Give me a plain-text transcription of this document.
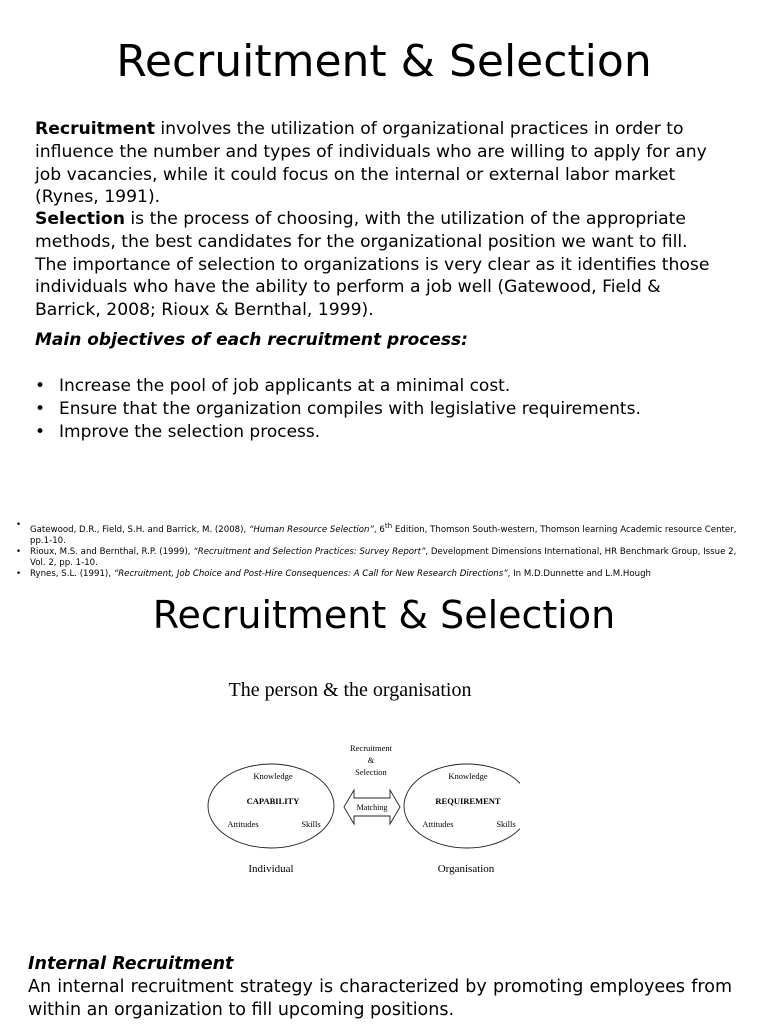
Recruitment & Selection
Recruitment involves the utilization of organizational practices in order to influence the number and types of individuals who are willing to apply for any job vacancies, while it could focus on the internal or external labor market (Rynes, 1991).
Selection is the process of choosing, with the utilization of the appropriate methods, the best candidates for the organizational position we want to fill. The importance of selection to organizations is very clear as it identifies those individuals who have the ability to perform a job well (Gatewood, Field & Barrick, 2008; Rioux & Bernthal, 1999).
Main objectives of each recruitment process:
• Increase the pool of job applicants at a minimal cost.
• Ensure that the organization compiles with legislative requirements.
• Improve the selection process.
• Gatewood, D.R., Field, S.H. and Barrick, M. (2008), “Human Resource Selection”, 6th Edition, Thomson South-western, Thomson learning Academic resource Center, pp.1-10.
• Rioux, M.S. and Bernthal, R.P. (1999), “Recruitment and Selection Practices: Survey Report”, Development Dimensions International, HR Benchmark Group, Issue 2, Vol. 2, pp. 1-10.
• Rynes, S.L. (1991), “Recruitment, Job Choice and Post-Hire Consequences: A Call for New Research Directions”, In M.D.Dunnette and L.M.Hough
Recruitment & Selection
The person & the organisation
Recruitment
&
Selection
Knowledge
CAPABILITY
Attitudes	Skills
Individual
Matching
Knowledge
REQUIREMENT
Attitudes	Skills
Organisation
Internal Recruitment
An internal recruitment strategy is characterized by promoting employees from within an organization to fill upcoming positions.
